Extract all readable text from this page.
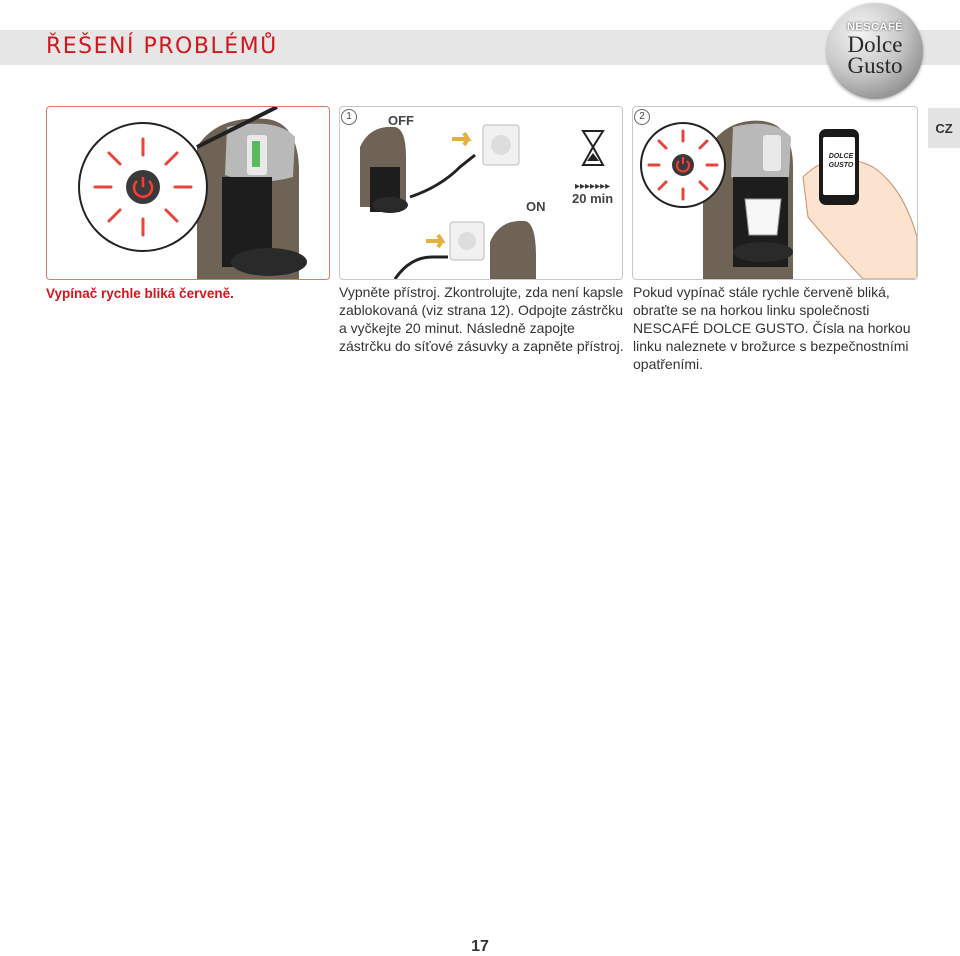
ŘEŠENÍ PROBLÉMŮ
NESCAFÉ
Dolce
Gusto
CZ
▸▸▸▸▸▸▸
1	OFF
ON
20 min
2
DOLCE
GUSTO
Vypínač rychle bliká červeně.	Vypněte přístroj. Zkontrolujte, zda není kapsle zablokovaná (viz strana 12). Odpojte zástrčku a vyčkejte 20 minut. Následně zapojte zástrčku do síťové zásuvky a zapněte přístroj.
Pokud vypínač stále rychle červeně bliká, obraťte se na horkou linku společnosti NESCAFÉ DOLCE GUSTO. Čísla na horkou linku naleznete v brožurce s bezpečnostními opatřeními.
17
